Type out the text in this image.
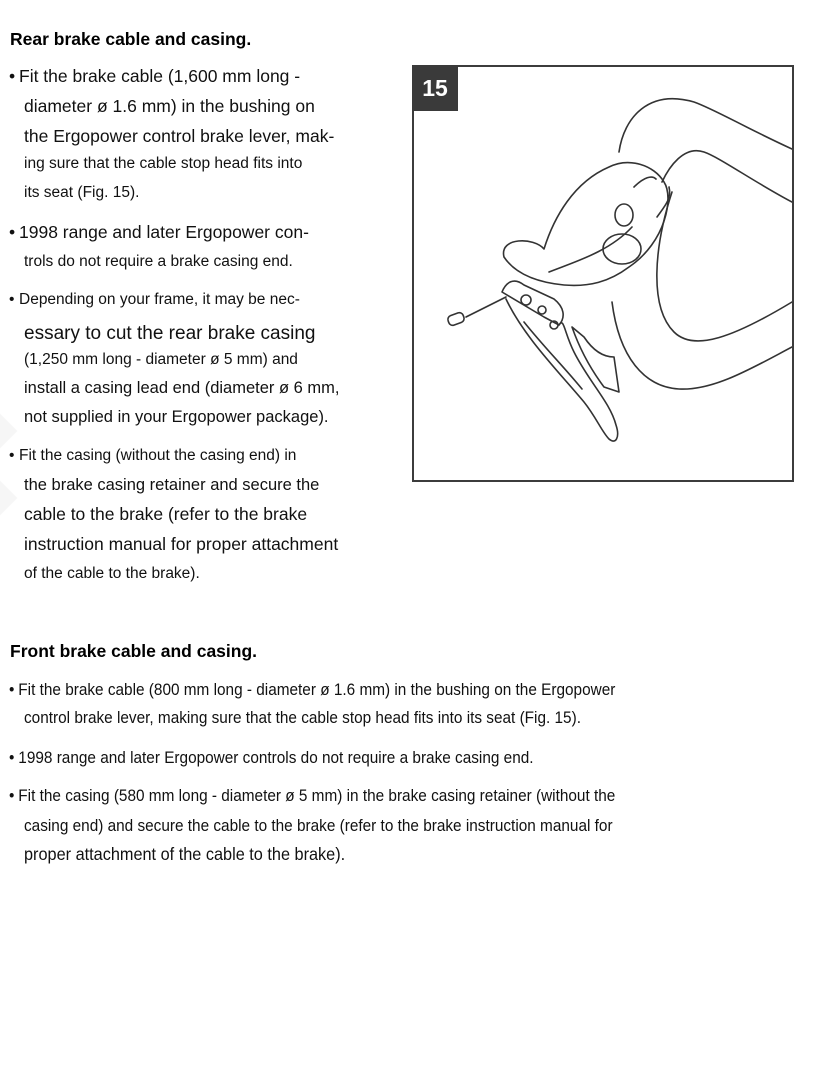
Rear brake cable and casing.
• Fit the brake cable (1,600 mm long -
diameter ø 1.6 mm) in the bushing on
the Ergopower control brake lever, mak-
ing sure that the cable stop head fits into
its seat (Fig. 15).
• 1998 range and later Ergopower con-
trols do not require a brake casing end.
• Depending on your frame, it may be nec-
essary to cut the rear brake casing
(1,250 mm long - diameter ø 5 mm) and
install a casing lead end (diameter ø 6 mm,
not supplied in your Ergopower package).
• Fit the casing (without the casing end) in
the brake casing retainer and secure the
cable to the brake (refer to the brake
instruction manual for proper attachment
of the cable to the brake).
15
Front brake cable and casing.
• Fit the brake cable (800 mm long - diameter ø 1.6 mm) in the bushing on the Ergopower
control brake lever, making sure that the cable stop head fits into its seat (Fig. 15).
• 1998 range and later Ergopower controls do not require a brake casing end.
• Fit the casing (580 mm long - diameter ø 5 mm) in the brake casing retainer (without the
casing end) and secure the cable to the brake (refer to the brake instruction manual for
proper attachment of the cable to the brake).
